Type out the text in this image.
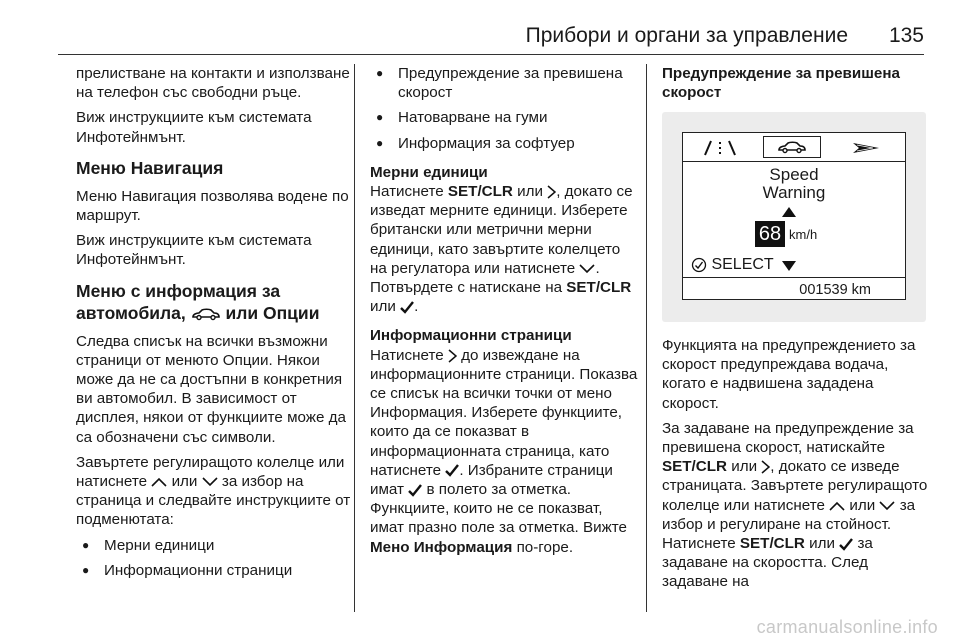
Прибори и органи за управление 135

прелистване на контакти и използване на телефон със свободни ръце.

Виж инструкциите към системата Инфотейнмънт.

Меню Навигация

Меню Навигация позволява водене по маршрут.

Виж инструкциите към системата Инфотейнмънт.

Меню с информация за автомобила, или Опции

Следва списък на всички възможни страници от менюто Опции. Някои може да не са достъпни в конкретния ви автомобил. В зависимост от дисплея, някои от функциите може да са обозначени със символи.

Завъртете регулиращото колелце или натиснете или за избор на страница и следвайте инструкциите от подменютата:

● Мерни единици
● Информационни страници
● Предупреждение за превишена скорост
● Натоварване на гуми
● Информация за софтуер
Мерни единици

Натиснете SET/CLR или , докато се изведат мерните единици. Изберете британски или метрични мерни единици, като завъртите колелцето на регулатора или натиснете . Потвърдете с натискане на SET/CLR или .

Информационни страници

Натиснете до извеждане на информационните страници. Показва се списък на всички точки от мено Информация. Изберете функциите, които да се показват в информационната страница, като натиснете . Избраните страници имат в полето за отметка. Функциите, които не се показват, имат празно поле за отметка. Вижте Мено Информация по-горе.

Предупреждение за превишена скорост
Speed
Warning
68 km/h
SELECT
001539 km

Функцията на предупреждението за скорост предупреждава водача, когато е надвишена зададена скорост.

За задаване на предупреждение за превишена скорост, натискайте SET/CLR или , докато се изведе страницата. Завъртете регулиращото колелце или натиснете или за избор и регулиране на стойност. Натиснете SET/CLR или за задаване на скоростта. След задаване на

carmanualsonline.info
